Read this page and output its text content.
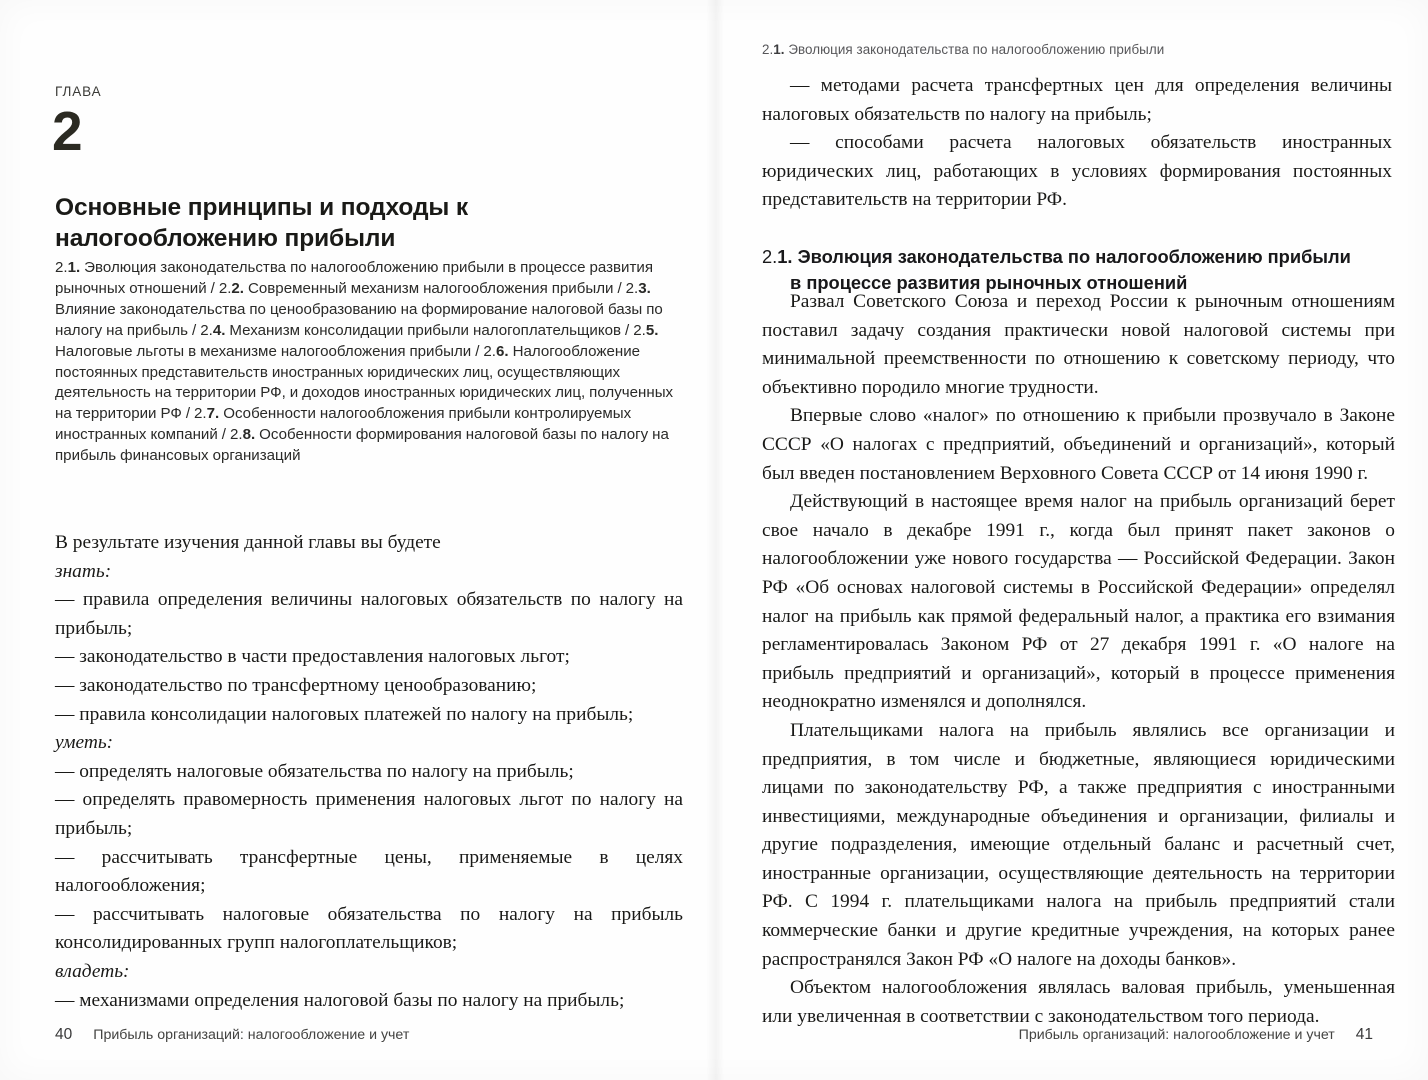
ГЛАВА
2
Основные принципы и подходы к налогообложению прибыли
2.1. Эволюция законодательства по налогообложению прибыли в процессе развития рыночных отношений / 2.2. Современный механизм налогообложения прибыли / 2.3. Влияние законодательства по ценообразованию на формирование налоговой базы по налогу на прибыль / 2.4. Механизм консолидации прибыли налогоплательщиков / 2.5. Налоговые льготы в механизме налогообложения прибыли / 2.6. Налогообложение постоянных представительств иностранных юридических лиц, осуществляющих деятельность на территории РФ, и доходов иностранных юридических лиц, полученных на территории РФ / 2.7. Особенности налогообложения прибыли контролируемых иностранных компаний / 2.8. Особенности формирования налоговой базы по налогу на прибыль финансовых организаций

В результате изучения данной главы вы будете

знать:

— правила определения величины налоговых обязательств по налогу на прибыль;

— законодательство в части предоставления налоговых льгот;

— законодательство по трансфертному ценообразованию;

— правила консолидации налоговых платежей по налогу на прибыль;

уметь:

— определять налоговые обязательства по налогу на прибыль;

— определять правомерность применения налоговых льгот по налогу на прибыль;

— рассчитывать трансфертные цены, применяемые в целях налогообложения;

— рассчитывать налоговые обязательства по налогу на прибыль консолидированных групп налогоплательщиков;

владеть:

— механизмами определения налоговой базы по налогу на прибыль;

40 Прибыль организаций: налогообложение и учет
2.1. Эволюция законодательства по налогообложению прибыли

— методами расчета трансфертных цен для определения величины налоговых обязательств по налогу на прибыль;

— способами расчета налоговых обязательств иностранных юридических лиц, работающих в условиях формирования постоянных представительств на территории РФ.

2.1. Эволюция законодательства по налогообложению прибыли
в процессе развития рыночных отношений

Развал Советского Союза и переход России к рыночным отношениям поставил задачу создания практически новой налоговой системы при минимальной преемственности по отношению к советскому периоду, что объективно породило многие трудности.

Впервые слово «налог» по отношению к прибыли прозвучало в Законе СССР «О налогах с предприятий, объединений и организаций», который был введен постановлением Верховного Совета СССР от 14 июня 1990 г.

Действующий в настоящее время налог на прибыль организаций берет свое начало в декабре 1991 г., когда был принят пакет законов о налогообложении уже нового государства — Российской Федерации. Закон РФ «Об основах налоговой системы в Российской Федерации» определял налог на прибыль как прямой федеральный налог, а практика его взимания регламентировалась Законом РФ от 27 декабря 1991 г. «О налоге на прибыль предприятий и организаций», который в процессе применения неоднократно изменялся и дополнялся.

Плательщиками налога на прибыль являлись все организации и предприятия, в том числе и бюджетные, являющиеся юридическими лицами по законодательству РФ, а также предприятия с иностранными инвестициями, международные объединения и организации, филиалы и другие подразделения, имеющие отдельный баланс и расчетный счет, иностранные организации, осуществляющие деятельность на территории РФ. С 1994 г. плательщиками налога на прибыль предприятий стали коммерческие банки и другие кредитные учреждения, на которых ранее распространялся Закон РФ «О налоге на доходы банков».

Объектом налогообложения являлась валовая прибыль, уменьшенная или увеличенная в соответствии с законодательством того периода.

Прибыль организаций: налогообложение и учет 41
